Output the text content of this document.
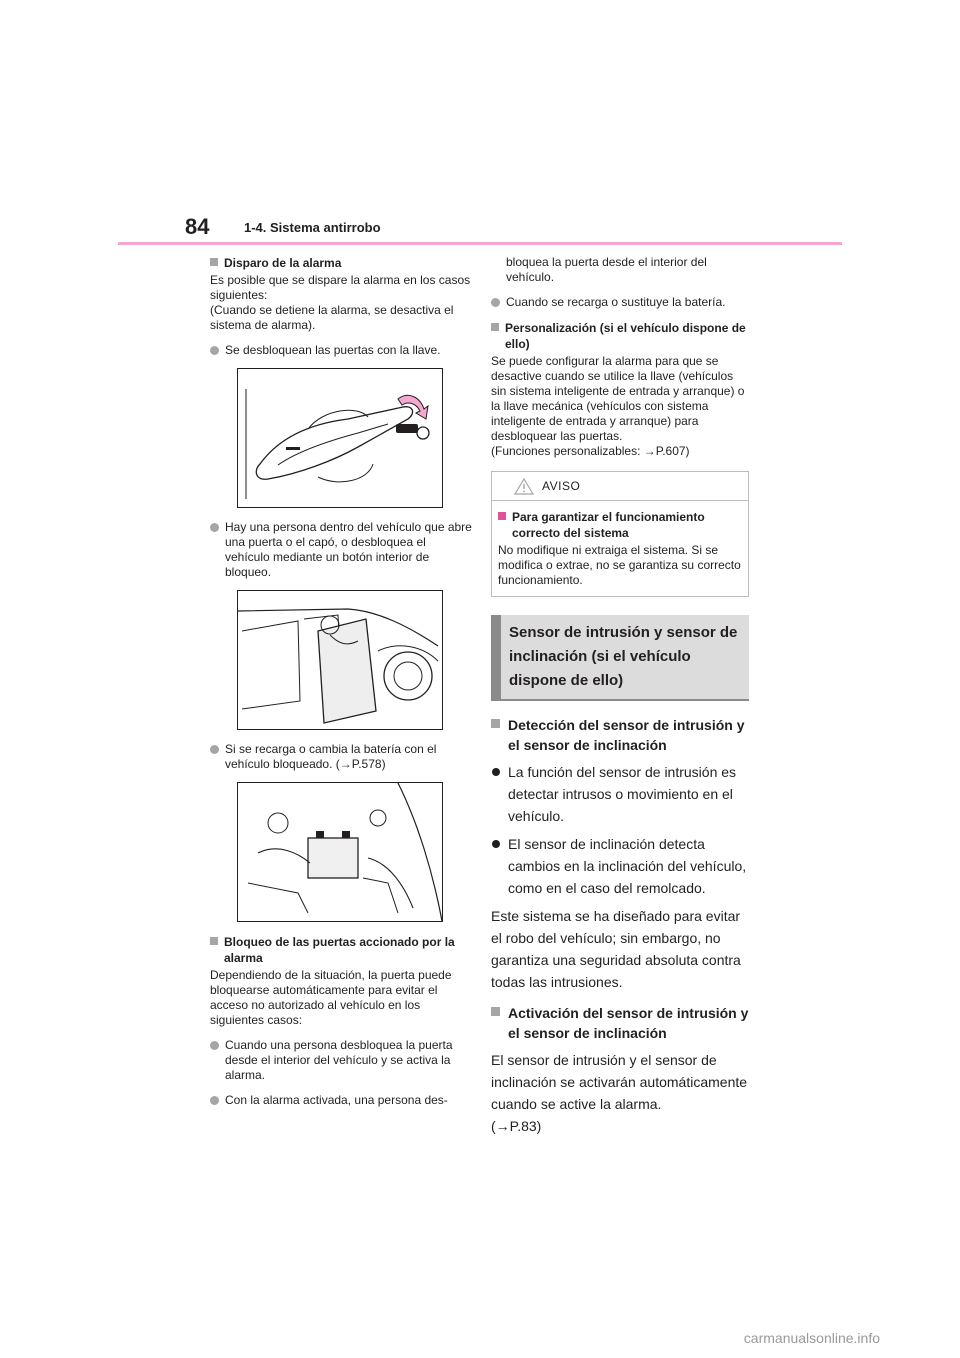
84	1-4. Sistema antirrobo
Disparo de la alarma

Es posible que se dispare la alarma en los casos siguientes:

(Cuando se detiene la alarma, se desactiva el sistema de alarma).

Se desbloquean las puertas con la llave.
Hay una persona dentro del vehículo que abre una puerta o el capó, o desbloquea el vehículo mediante un botón interior de bloqueo.
Si se recarga o cambia la batería con el vehículo bloqueado. (→P.578)
Bloqueo de las puertas accionado por la alarma

Dependiendo de la situación, la puerta puede bloquearse automáticamente para evitar el acceso no autorizado al vehículo en los siguientes casos:

Cuando una persona desbloquea la puerta desde el interior del vehículo y se activa la alarma.
Con la alarma activada, una persona des-

bloquea la puerta desde el interior del vehículo.

Cuando se recarga o sustituye la batería.
Personalización (si el vehículo dispone de ello)

Se puede configurar la alarma para que se desactive cuando se utilice la llave (vehículos sin sistema inteligente de entrada y arranque) o la llave mecánica (vehículos con sistema inteligente de entrada y arranque) para desbloquear las puertas.

(Funciones personalizables: →P.607)

AVISO
Para garantizar el funcionamiento correcto del sistema

No modifique ni extraiga el sistema. Si se modifica o extrae, no se garantiza su correcto funcionamiento.

Sensor de intrusión y sensor de inclinación (si el vehículo dispone de ello)
Detección del sensor de intrusión y el sensor de inclinación
La función del sensor de intrusión es detectar intrusos o movimiento en el vehículo.
El sensor de inclinación detecta cambios en la inclinación del vehículo, como en el caso del remolcado.

Este sistema se ha diseñado para evitar el robo del vehículo; sin embargo, no garantiza una seguridad absoluta contra todas las intrusiones.

Activación del sensor de intrusión y el sensor de inclinación

El sensor de intrusión y el sensor de inclinación se activarán automáticamente cuando se active la alarma.

(→P.83)

carmanualsonline.info
